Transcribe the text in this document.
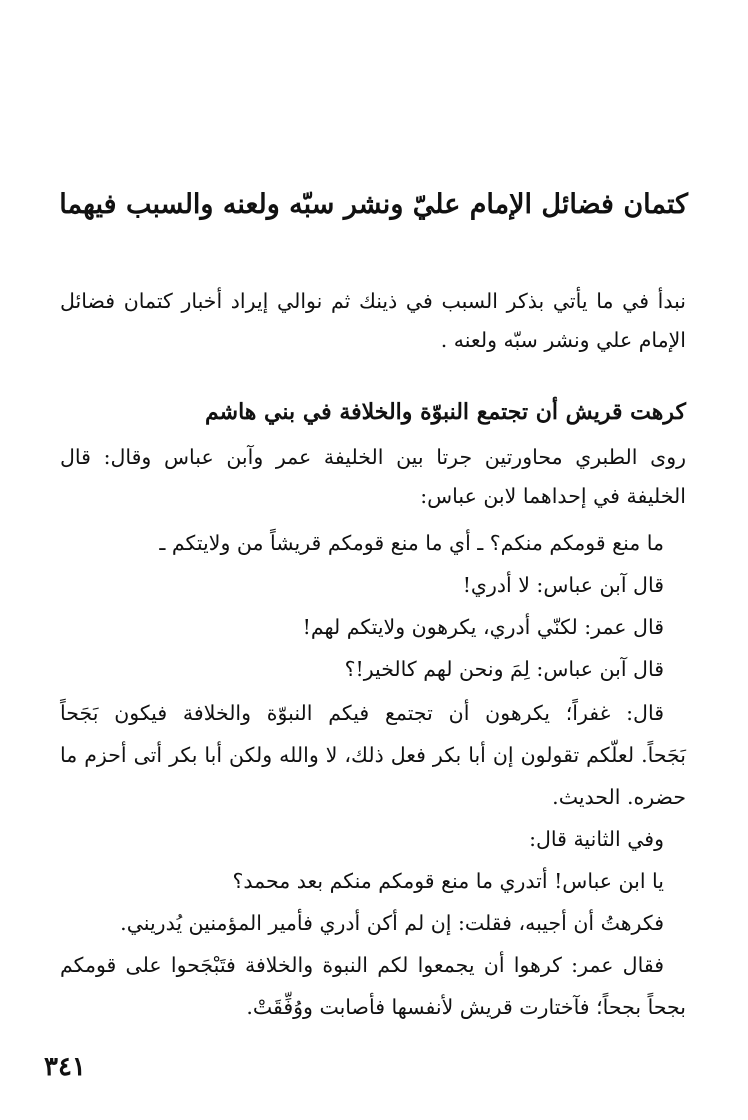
كتمان فضائل الإمام عليّ ونشر سبّه ولعنه والسبب فيهما
نبدأ في ما يأتي بذكر السبب في ذينك ثم نوالي إيراد أخبار كتمان فضائل
الإمام علي ونشر سبّه ولعنه .
كرهت قريش أن تجتمع النبوّة والخلافة في بني هاشم
روى الطبري محاورتين جرتا بين الخليفة عمر وآبن عباس وقال: قال
الخليفة في إحداهما لابن عباس:
ما منع قومكم منكم؟ ـ أي ما منع قومكم قريشاً من ولايتكم ـ
قال آبن عباس: لا أدري!
قال عمر: لكنّي أدري، يكرهون ولايتكم لهم!
قال آبن عباس: لِمَ ونحن لهم كالخير!؟
قال: غفراً؛ يكرهون أن تجتمع فيكم النبوّة والخلافة فيكون بَجَحاً
بَجَحاً. لعلّكم تقولون إن أبا بكر فعل ذلك، لا والله ولكن أبا بكر أتى أحزم ما
حضره. الحديث.
وفي الثانية قال:
يا ابن عباس! أتدري ما منع قومكم منكم بعد محمد؟
فكرهتُ أن أجيبه، فقلت: إن لم أكن أدري فأمير المؤمنين يُدريني.
فقال عمر: كرهوا أن يجمعوا لكم النبوة والخلافة فتَبْجَحوا على قومكم
بجحاً بجحاً؛ فآختارت قريش لأنفسها فأصابت ووُفِّقَتْ.
٣٤١
